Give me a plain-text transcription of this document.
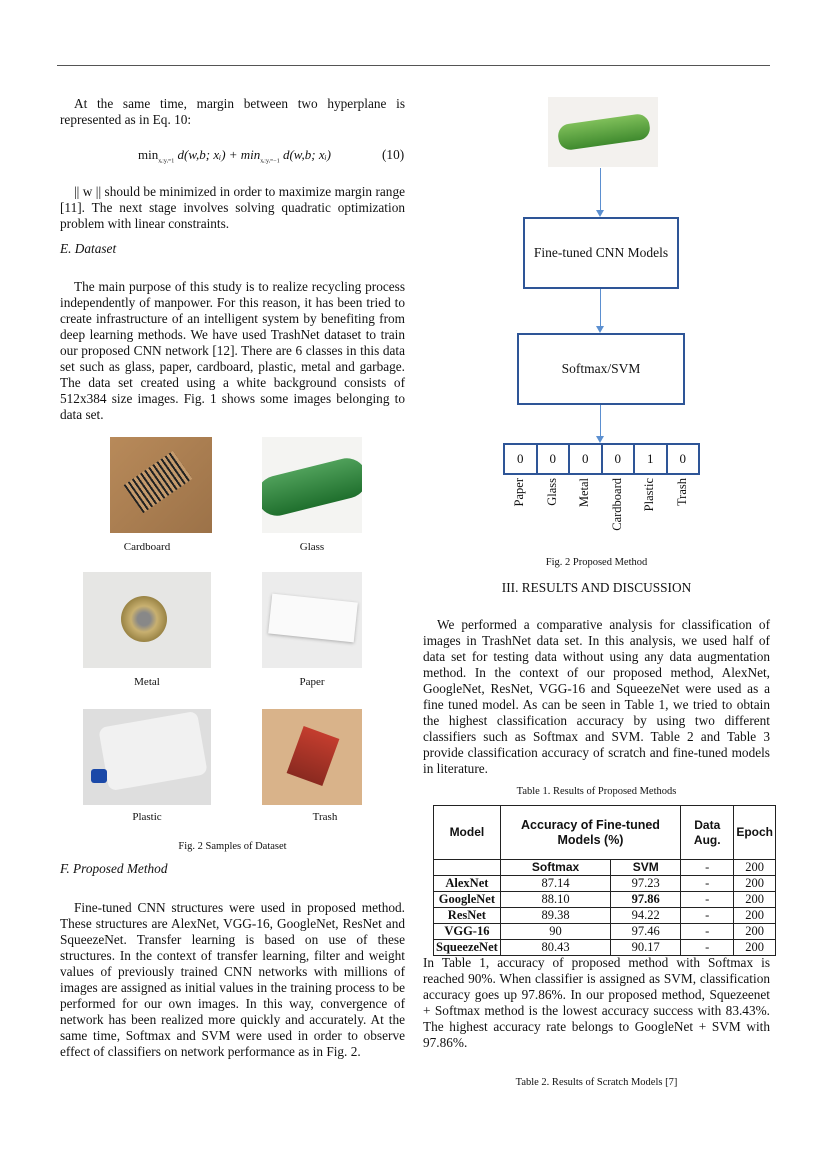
At the same time, margin between two hyperplane is represented as in Eq. 10:

$\min_{xᵢ:yᵢ=1} d(w,b$; xᵢ) + $\min_{xᵢ:yᵢ=-1} d(w,b$; xᵢ)	(10)

|| w || should be minimized in order to maximize margin range [11]. The next stage involves solving quadratic optimization problem with linear constraints.

E. Dataset

The main purpose of this study is to realize recycling process independently of manpower. For this reason, it has been tried to create infrastructure of an intelligent system by benefiting from deep learning methods. We have used TrashNet dataset to train our proposed CNN network [12]. There are 6 classes in this data set such as glass, paper, cardboard, plastic, metal and garbage. The data set created using a white background consists of 512x384 size images. Fig. 1 shows some images belonging to data set.

Cardboard	Glass
Metal	Paper
Plastic	Trash
Fig. 2 Samples of Dataset
F. Proposed Method

Fine-tuned CNN structures were used in proposed method. These structures are AlexNet, VGG-16, GoogleNet, ResNet and SqueezeNet. Transfer learning is based on use of these structures. In the context of transfer learning, filter and weight values of previously trained CNN networks with millions of images are assigned as initial values in the training process to be performed for our own images. In this way, convergence of network has been realized more quickly and accurately. At the same time, Softmax and SVM were used in order to observe effect of classifiers on network performance as in Fig. 2.

Fine-tuned CNN Models
Softmax/SVM
0	0	0	0	1	0
Paper Glass Metal Cardboard Plastic Trash
Fig. 2 Proposed Method
III. RESULTS AND DISCUSSION

We performed a comparative analysis for classification of images in TrashNet data set. In this analysis, we used half of data set for testing data without using any data augmentation method. In the context of our proposed method, AlexNet, GoogleNet, ResNet, VGG-16 and SqueezeNet were used as a fine tuned model. As can be seen in Table 1, we tried to obtain the highest classification accuracy by using two different classifiers such as Softmax and SVM. Table 2 and Table 3 provide classification accuracy of scratch and fine-tuned models in literature.

Table 1. Results of Proposed Methods
Model	Accuracy of Fine-tuned Models (%)		Data Aug.	Epoch
	Softmax	SVM	-	200
AlexNet	87.14	97.23	-	200
GoogleNet	88.10	97.86	-	200
ResNet	89.38	94.22	-	200
VGG-16	90	97.46	-	200
SqueezeNet	80.43	90.17	-	200

In Table 1, accuracy of proposed method with Softmax is reached 90%. When classifier is assigned as SVM, classification accuracy goes up 97.86%. In our proposed method, Squezeenet + Softmax method is the lowest accuracy success with 83.43%. The highest accuracy rate belongs to GoogleNet + SVM with 97.86%.

Table 2. Results of Scratch Models [7]
